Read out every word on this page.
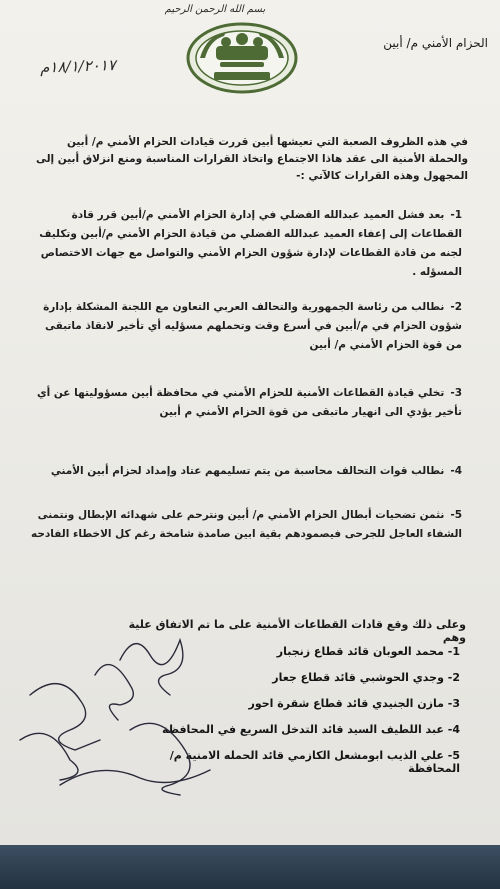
بسم الله الرحمن الرحيم
الحزام الأمني م/ أبين
١٨/١/٢٠١٧م
في هذه الظروف الصعبة التي تعيشها أبين قررت قيادات الحزام الأمني م/ أبين والحملة الأمنية الى عقد هاذا الاجتماع واتخاذ القرارات المناسبة ومنع انزلاق أبين إلى المجهول وهذه القرارات كالآتي :-
1-بعد فشل العميد عبدالله الفضلي في إدارة الحزام الأمني م/أبين قرر قادة القطاعات إلى إعفاء العميد عبدالله الفضلي من قيادة الحزام الأمني م/أبين وتكليف لجنه من قادة القطاعات لإدارة شؤون الحزام الأمني والتواصل مع جهات الاختصاص المسؤله .
2-نطالب من رئاسة الجمهورية والتحالف العربي التعاون مع اللجنة المشكلة بإدارة شؤون الحزام في م/أبين في أسرع وقت وتحملهم مسؤليه أي تأخير لانقاذ ماتبقى من قوة الحزام الأمني م/ أبين
3-تخلي قيادة القطاعات الأمنية للحزام الأمني في محافظة أبين مسؤوليتها عن أي تأخير يؤدي الى انهيار ماتبقى من قوة الحزام الأمني م أبين
4-نطالب قوات التحالف محاسبة من يتم تسليمهم عتاد وإمداد لحزام أبين الأمني
5-نثمن تضحيات أبطال الحزام الأمني م/ أبين ونترحم على شهدائه الإبطال ونتمنى الشفاء العاجل للجرحى فيصمودهم بقية ابين صامدة شامخة رغم كل الاخطاء الفادحه
وعلى ذلك وقع قادات القطاعات الأمنية على ما تم الاتفاق علية وهم
1- محمد العوبان قائد قطاع زنجبار
2- وجدي الحوشبي قائد قطاع جعار
3- مازن الجنيدي قائد قطاع شقرة احور
4- عبد اللطيف السيد قائد التدخل السريع في المحافظة
5- علي الذيب ابومشعل الكازمي قائد الحمله الامنية م/ المحافظة
